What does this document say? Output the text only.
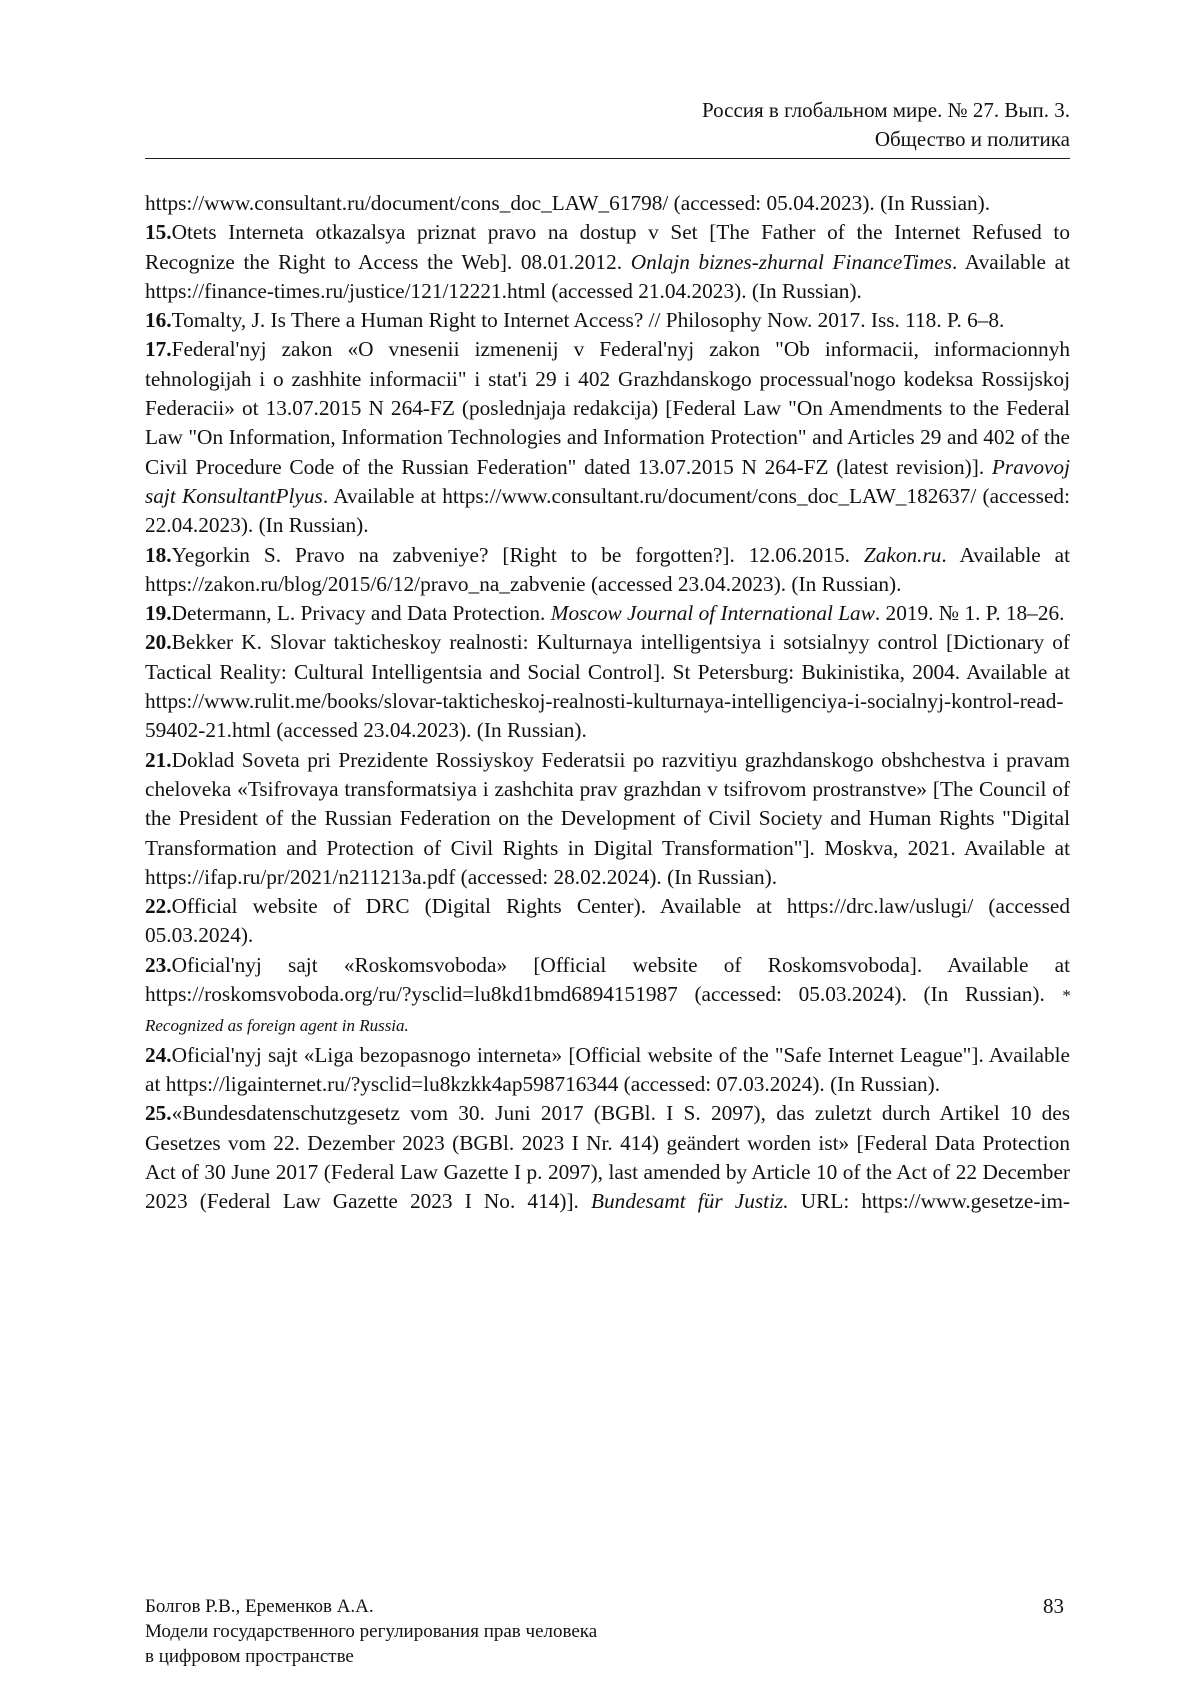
Россия в глобальном мире. № 27. Вып. 3.
Общество и политика

https://www.consultant.ru/document/cons_doc_LAW_61798/ (accessed: 05.04.2023). (In Russian).

15.Otets Interneta otkazalsya priznat pravo na dostup v Set [The Father of the Internet Refused to Recognize the Right to Access the Web]. 08.01.2012. Onlajn biznes-zhurnal FinanceTimes. Available at https://finance-times.ru/justice/121/12221.html (accessed 21.04.2023). (In Russian).

16.Tomalty, J. Is There a Human Right to Internet Access? // Philosophy Now. 2017. Iss. 118. P. 6–8.

17.Federal'nyj zakon «O vnesenii izmenenij v Federal'nyj zakon "Ob informacii, informacionnyh tehnologijah i o zashhite informacii" i stat'i 29 i 402 Grazhdanskogo processual'nogo kodeksa Rossijskoj Federacii» ot 13.07.2015 N 264-FZ (poslednjaja redakcija) [Federal Law "On Amendments to the Federal Law "On Information, Information Technologies and Information Protection" and Articles 29 and 402 of the Civil Procedure Code of the Russian Federation" dated 13.07.2015 N 264-FZ (latest revision)]. Pravovoj sajt KonsultantPlyus. Available at https://www.consultant.ru/document/cons_doc_LAW_182637/ (accessed: 22.04.2023). (In Russian).

18.Yegorkin S. Pravo na zabveniye? [Right to be forgotten?]. 12.06.2015. Zakon.ru. Available at https://zakon.ru/blog/2015/6/12/pravo_na_zabvenie (accessed 23.04.2023). (In Russian).

19.Determann, L. Privacy and Data Protection. Moscow Journal of International Law. 2019. № 1. P. 18–26.

20.Bekker K. Slovar takticheskoy realnosti: Kulturnaya intelligentsiya i sotsialnyy control [Dictionary of Tactical Reality: Cultural Intelligentsia and Social Control]. St Petersburg: Bukinistika, 2004. Available at https://www.rulit.me/books/slovar-takticheskoj-realnosti-kulturnaya-intelligenciya-i-socialnyj-kontrol-read-59402-21.html (accessed 23.04.2023). (In Russian).

21.Doklad Soveta pri Prezidente Rossiyskoy Federatsii po razvitiyu grazhdanskogo obshchestva i pravam cheloveka «Tsifrovaya transformatsiya i zashchita prav grazhdan v tsifrovom prostranstve» [The Council of the President of the Russian Federation on the Development of Civil Society and Human Rights "Digital Transformation and Protection of Civil Rights in Digital Transformation"]. Moskva, 2021. Available at https://ifap.ru/pr/2021/n211213a.pdf (accessed: 28.02.2024). (In Russian).

22.Official website of DRC (Digital Rights Center). Available at https://drc.law/uslugi/ (accessed 05.03.2024).

23.Oficial'nyj sajt «Roskomsvoboda» [Official website of Roskomsvoboda]. Available at https://roskomsvoboda.org/ru/?ysclid=lu8kd1bmd6894151987 (accessed: 05.03.2024). (In Russian). * Recognized as foreign agent in Russia.

24.Oficial'nyj sajt «Liga bezopasnogo interneta» [Official website of the "Safe Internet League"]. Available at https://ligainternet.ru/?ysclid=lu8kzkk4ap598716344 (accessed: 07.03.2024). (In Russian).

25.«Bundesdatenschutzgesetz vom 30. Juni 2017 (BGBl. I S. 2097), das zuletzt durch Artikel 10 des Gesetzes vom 22. Dezember 2023 (BGBl. 2023 I Nr. 414) geändert worden ist» [Federal Data Protection Act of 30 June 2017 (Federal Law Gazette I p. 2097), last amended by Article 10 of the Act of 22 December 2023 (Federal Law Gazette 2023 I No. 414)]. Bundesamt für Justiz. URL: https://www.gesetze-im-

Болгов Р.В., Еременков А.А.
Модели государственного регулирования прав человека
в цифровом пространстве
83
